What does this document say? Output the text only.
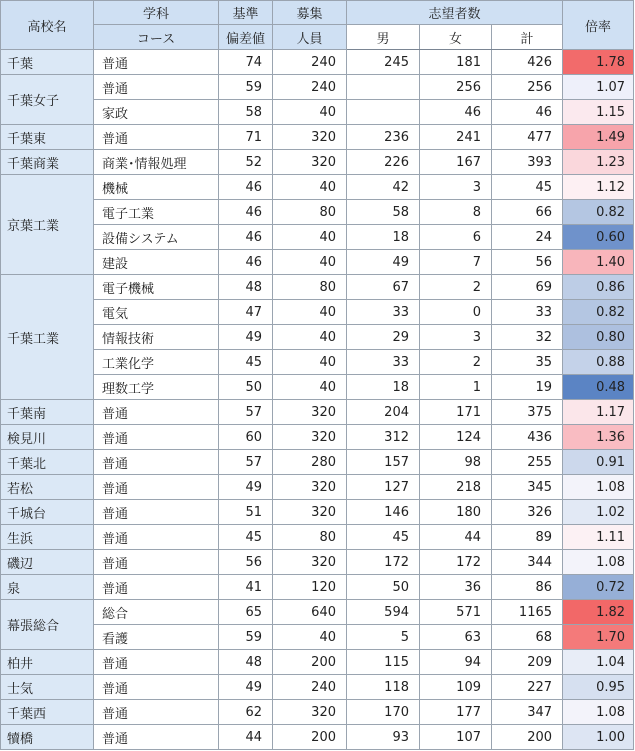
高校名	学科	基準	募集	志望者数			倍率
	コース	偏差値	人員	男	女	計	
千葉	普通	74	240	245	181	426	1.78
千葉女子	普通	59	240		256	256	1.07
	家政	58	40		46	46	1.15
千葉東	普通	71	320	236	241	477	1.49
千葉商業	商業･情報処理	52	320	226	167	393	1.23
京葉工業	機械	46	40	42	3	45	1.12
	電子工業	46	80	58	8	66	0.82
	設備システム	46	40	18	6	24	0.60
	建設	46	40	49	7	56	1.40
千葉工業	電子機械	48	80	67	2	69	0.86
	電気	47	40	33	0	33	0.82
	情報技術	49	40	29	3	32	0.80
	工業化学	45	40	33	2	35	0.88
	理数工学	50	40	18	1	19	0.48
千葉南	普通	57	320	204	171	375	1.17
検見川	普通	60	320	312	124	436	1.36
千葉北	普通	57	280	157	98	255	0.91
若松	普通	49	320	127	218	345	1.08
千城台	普通	51	320	146	180	326	1.02
生浜	普通	45	80	45	44	89	1.11
磯辺	普通	56	320	172	172	344	1.08
泉	普通	41	120	50	36	86	0.72
幕張総合	総合	65	640	594	571	1165	1.82
	看護	59	40	5	63	68	1.70
柏井	普通	48	200	115	94	209	1.04
士気	普通	49	240	118	109	227	0.95
千葉西	普通	62	320	170	177	347	1.08
犢橋	普通	44	200	93	107	200	1.00
